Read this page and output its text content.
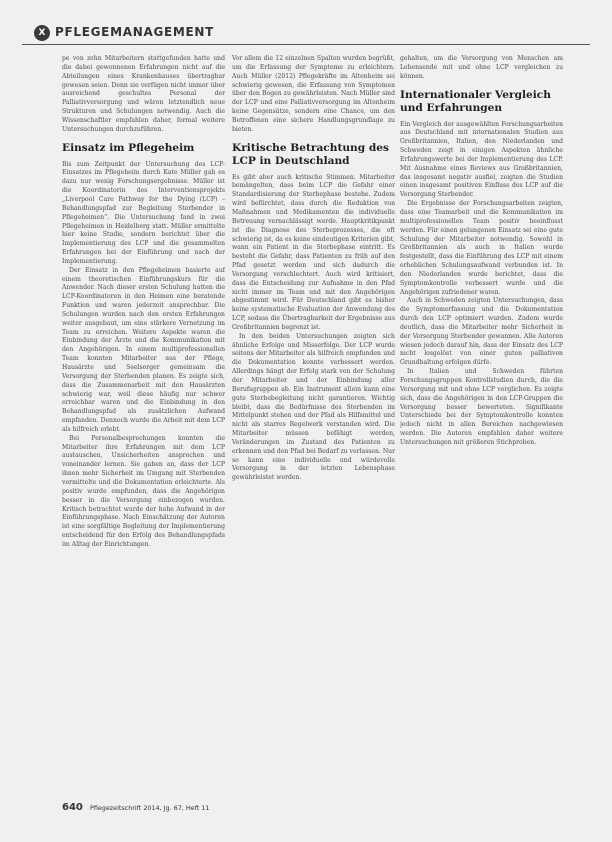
X PFLEGEMANAGEMENT

pe von zehn Mitarbeitern stattgefunden hatte und die dabei gewonnenen Erfahrungen nicht auf die Abteilungen eines Krankenhauses übertragbar gewesen seien. Denn sie verfügen nicht immer über ausreichend geschultes Personal der Palliativversorgung und wären letztendlich neue Strukturen und Schulungen notwendig. Auch die Wissenschaftler empfahlen daher, formal weitere Untersuchungen durchzuführen.

Einsatz im Pflegeheim

Bis zum Zeitpunkt der Untersuchung des LCP-Einsatzes im Pflegeheim durch Kate Müller gab es dazu nur wenig Forschungsergebnisse. Müller ist die Koordinatorin des Interventionsprojekts „Liverpool Care Pathway for the Dying (LCP) – Behandlungspfad zur Begleitung Sterbender in Pflegeheimen“. Die Untersuchung fand in zwei Pflegeheimen in Heidelberg statt. Müller ermittelte hier keine Studie, sondern berichtet über die Implementierung des LCP und die gesammelten Erfahrungen bei der Einführung und nach der Implementierung.

Der Einsatz in den Pflegeheimen basierte auf einem theoretischen Einführungskurs für die Anwender. Nach dieser ersten Schulung hatten die LCP-Koordinatoren in den Heimen eine beratende Funktion und waren jederzeit ansprechbar. Die Schulungen wurden nach den ersten Erfahrungen weiter ausgebaut, um eine stärkere Vernetzung im Team zu erreichen. Weitere Aspekte waren die Einbindung der Ärzte und die Kommunikation mit den Angehörigen. In einem multiprofessionellen Team konnten Mitarbeiter aus der Pflege, Hausärzte und Seelsorger gemeinsam die Versorgung der Sterbenden planen. Es zeigte sich, dass die Zusammenarbeit mit den Hausärzten schwierig war, weil diese häufig nur schwer erreichbar waren und die Einbindung in den Behandlungspfad als zusätzlichen Aufwand empfanden. Dennoch wurde die Arbeit mit dem LCP als hilfreich erlebt.

Bei Personalbesprechungen konnten die Mitarbeiter ihre Erfahrungen mit dem LCP austauschen, Unsicherheiten ansprechen und voneinander lernen. Sie gaben an, dass der LCP ihnen mehr Sicherheit im Umgang mit Sterbenden vermittelte und die Dokumentation erleichterte. Als positiv wurde empfunden, dass die Angehörigen besser in die Versorgung einbezogen wurden. Kritisch betrachtet wurde der hohe Aufwand in der Einführungsphase. Nach Einschätzung der Autoren ist eine sorgfältige Begleitung der Implementierung entscheidend für den Erfolg des Behandlungspfads im Alltag der Einrichtungen.

Vor allem die 12 einzelnen Spalten wurden begrüßt, um die Erfassung der Symptome zu erleichtern. Auch Müller (2012) Pflegekräfte im Altenheim sei schwierig gewesen, die Erfassung von Symptomen über den Bogen zu gewährleisten. Nach Müller sind der LCP und eine Palliativversorgung im Altenheim keine Gegensätze, sondern eine Chance, um den Betroffenen eine sichere Handlungsgrundlage zu bieten.

Kritische Betrachtung des LCP in Deutschland

Es gibt aber auch kritische Stimmen. Mitarbeiter bemängelten, dass beim LCP die Gefahr einer Standardisierung der Sterbephase bestehe. Zudem wird befürchtet, dass durch die Reduktion von Maßnahmen und Medikamenten die individuelle Betreuung vernachlässigt werde. Hauptkritikpunkt ist die Diagnose des Sterbeprozesses, die oft schwierig ist, da es keine eindeutigen Kriterien gibt, wann ein Patient in die Sterbephase eintritt. Es besteht die Gefahr, dass Patienten zu früh auf den Pfad gesetzt werden und sich dadurch die Versorgung verschlechtert. Auch wird kritisiert, dass die Entscheidung zur Aufnahme in den Pfad nicht immer im Team und mit den Angehörigen abgestimmt wird. Für Deutschland gibt es bisher keine systematische Evaluation der Anwendung des LCP, sodass die Übertragbarkeit der Ergebnisse aus Großbritannien begrenzt ist.

In den beiden Untersuchungen zeigten sich ähnliche Erfolge und Misserfolge. Der LCP wurde seitens der Mitarbeiter als hilfreich empfunden und die Dokumentation konnte verbessert werden. Allerdings hängt der Erfolg stark von der Schulung der Mitarbeiter und der Einbindung aller Berufsgruppen ab. Ein Instrument allein kann eine gute Sterbebegleitung nicht garantieren. Wichtig bleibt, dass die Bedürfnisse des Sterbenden im Mittelpunkt stehen und der Pfad als Hilfsmittel und nicht als starres Regelwerk verstanden wird. Die Mitarbeiter müssen befähigt werden, Veränderungen im Zustand des Patienten zu erkennen und den Pfad bei Bedarf zu verlassen. Nur so kann eine individuelle und würdevolle Versorgung in der letzten Lebensphase gewährleistet werden.

gehalten, um die Versorgung von Menschen am Lebensende mit und ohne LCP vergleichen zu können.

Internationaler Vergleich und Erfahrungen

Ein Vergleich der ausgewählten Forschungsarbeiten aus Deutschland mit internationalen Studien aus Großbritannien, Italien, den Niederlanden und Schweden zeigt in einigen Aspekten ähnliche Erfahrungswerte bei der Implementierung des LCP. Mit Ausnahme eines Reviews aus Großbritannien, das insgesamt negativ ausfiel, zeigten die Studien einen insgesamt positiven Einfluss des LCP auf die Versorgung Sterbender.

Die Ergebnisse der Forschungsarbeiten zeigten, dass eine Teamarbeit und die Kommunikation im multiprofessionellen Team positiv beeinflusst werden. Für einen gelungenen Einsatz sei eine gute Schulung der Mitarbeiter notwendig. Sowohl in Großbritannien als auch in Italien wurde festgestellt, dass die Einführung des LCP mit einem erheblichen Schulungsaufwand verbunden ist. In den Niederlanden wurde berichtet, dass die Symptomkontrolle verbessert wurde und die Angehörigen zufriedener waren.

Auch in Schweden zeigten Untersuchungen, dass die Symptomerfassung und die Dokumentation durch den LCP optimiert wurden. Zudem wurde deutlich, dass die Mitarbeiter mehr Sicherheit in der Versorgung Sterbender gewannen. Alle Autoren wiesen jedoch darauf hin, dass der Einsatz des LCP nicht losgelöst von einer guten palliativen Grundhaltung erfolgen dürfe.

In Italien und Schweden führten Forschungsgruppen Kontrollstudien durch, die die Versorgung mit und ohne LCP verglichen. Es zeigte sich, dass die Angehörigen in den LCP-Gruppen die Versorgung besser bewerteten. Signifikante Unterschiede bei der Symptomkontrolle konnten jedoch nicht in allen Bereichen nachgewiesen werden. Die Autoren empfahlen daher weitere Untersuchungen mit größeren Stichproben.

640 Pflegezeitschrift 2014, Jg. 67, Heft 11
